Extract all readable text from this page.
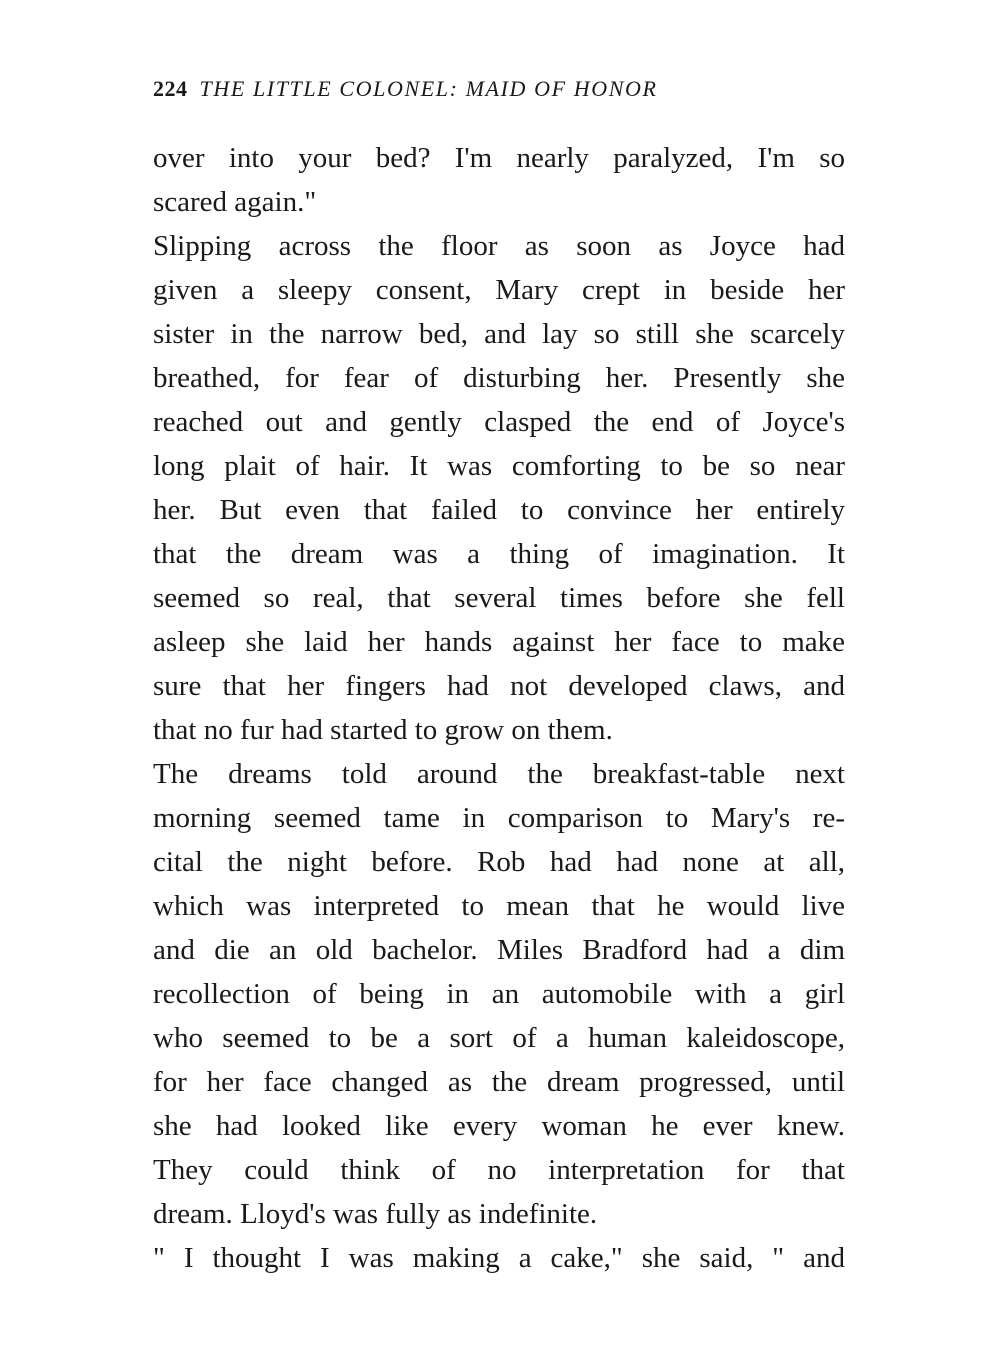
224 THE LITTLE COLONEL: MAID OF HONOR
over into your bed? I'm nearly paralyzed, I'm so
scared again."
Slipping across the floor as soon as Joyce had
given a sleepy consent, Mary crept in beside her
sister in the narrow bed, and lay so still she scarcely
breathed, for fear of disturbing her. Presently she
reached out and gently clasped the end of Joyce's
long plait of hair. It was comforting to be so near
her. But even that failed to convince her entirely
that the dream was a thing of imagination. It
seemed so real, that several times before she fell
asleep she laid her hands against her face to make
sure that her fingers had not developed claws, and
that no fur had started to grow on them.
The dreams told around the breakfast-table next
morning seemed tame in comparison to Mary's re-
cital the night before. Rob had had none at all,
which was interpreted to mean that he would live
and die an old bachelor. Miles Bradford had a dim
recollection of being in an automobile with a girl
who seemed to be a sort of a human kaleidoscope,
for her face changed as the dream progressed, until
she had looked like every woman he ever knew.
They could think of no interpretation for that
dream. Lloyd's was fully as indefinite.
" I thought I was making a cake," she said, " and
